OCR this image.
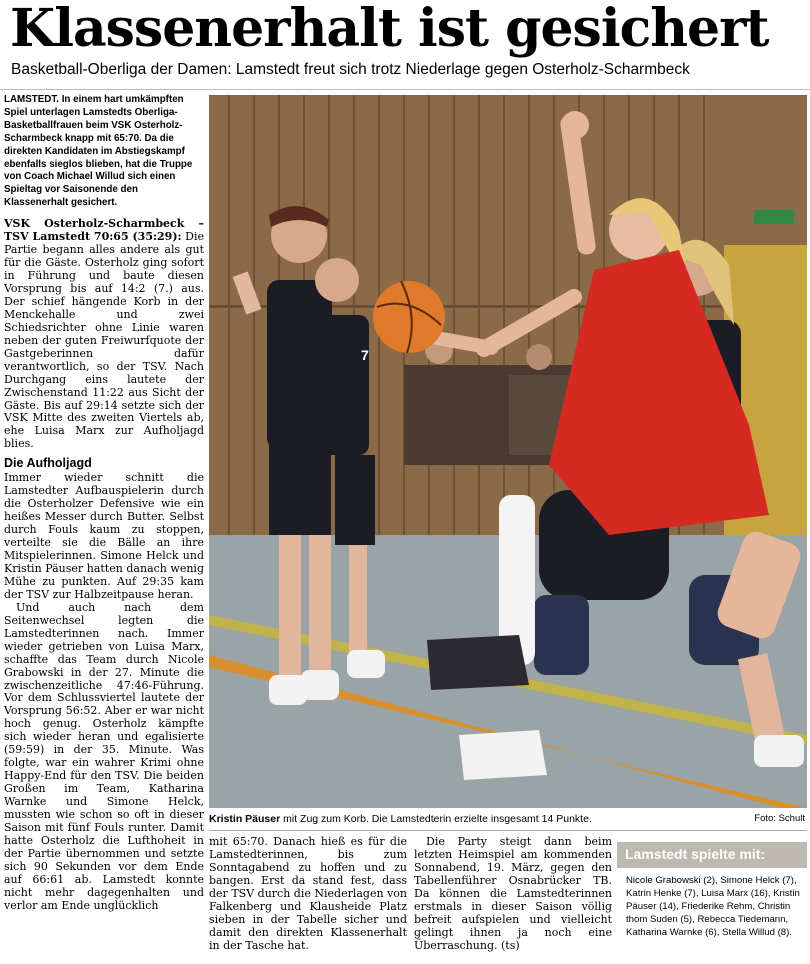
Klassenerhalt ist gesichert
Basketball-Oberliga der Damen: Lamstedt freut sich trotz Niederlage gegen Osterholz-Scharmbeck

LAMSTEDT. In einem hart umkämpften Spiel unterlagen Lamstedts Oberliga-Basketballfrauen beim VSK Osterholz-Scharmbeck knapp mit 65:70. Da die direkten Kandidaten im Abstiegskampf ebenfalls sieglos blieben, hat die Truppe von Coach Michael Willud sich einen Spieltag vor Saisonende den Klassenerhalt gesichert.

VSK Osterholz-Scharmbeck – TSV Lamstedt 70:65 (35:29): Die Partie begann alles andere als gut für die Gäste. Osterholz ging sofort in Führung und baute diesen Vorsprung bis auf 14:2 (7.) aus. Der schief hängende Korb in der Menckehalle und zwei Schiedsrichter ohne Linie waren neben der guten Freiwurfquote der Gastgeberinnen dafür verantwortlich, so der TSV. Nach Durchgang eins lautete der Zwischenstand 11:22 aus Sicht der Gäste. Bis auf 29:14 setzte sich der VSK Mitte des zweiten Viertels ab, ehe Luisa Marx zur Aufholjagd blies.

Die Aufholjagd

Immer wieder schnitt die Lamstedter Aufbauspielerin durch die Osterholzer Defensive wie ein heißes Messer durch Butter. Selbst durch Fouls kaum zu stoppen, verteilte sie die Bälle an ihre Mitspielerinnen. Simone Helck und Kristin Päuser hatten danach wenig Mühe zu punkten. Auf 29:35 kam der TSV zur Halbzeitpause heran.

Und auch nach dem Seitenwechsel legten die Lamstedterinnen nach. Immer wieder getrieben von Luisa Marx, schaffte das Team durch Nicole Grabowski in der 27. Minute die zwischenzeitliche 47:46-Führung. Vor dem Schlussviertel lautete der Vorsprung 56:52. Aber er war nicht hoch genug. Osterholz kämpfte sich wieder heran und egalisierte (59:59) in der 35. Minute. Was folgte, war ein wahrer Krimi ohne Happy-End für den TSV. Die beiden Großen im Team, Katharina Warnke und Simone Helck, mussten wie schon so oft in dieser Saison mit fünf Fouls runter. Damit hatte Osterholz die Lufthoheit in der Partie übernommen und setzte sich 90 Sekunden vor dem Ende auf 66:61 ab. Lamstedt konnte nicht mehr dagegenhalten und verlor am Ende unglücklich

7
Kristin Päuser mit Zug zum Korb. Die Lamstedterin erzielte insgesamt 14 Punkte.	Foto: Schult

mit 65:70. Danach hieß es für die Lamstedterinnen, bis zum Sonntagabend zu hoffen und zu bangen. Erst da stand fest, dass der TSV durch die Niederlagen von Falkenberg und Klausheide Platz sieben in der Tabelle sicher und damit den direkten Klassenerhalt in der Tasche hat.

Die Party steigt dann beim letzten Heimspiel am kommenden Sonnabend, 19. März, gegen den Tabellenführer Osnabrücker TB. Da können die Lamstedterinnen erstmals in dieser Saison völlig befreit aufspielen und vielleicht gelingt ihnen ja noch eine Überraschung. (ts)

Lamstedt spielte mit:
Nicole Grabowski (2), Simone Helck (7), Katrin Henke (7), Luisa Marx (16), Kristin Päuser (14), Friederike Rehm, Christin thom Suden (5), Rebecca Tiedemann, Katharina Warnke (6), Stella Willud (8).
